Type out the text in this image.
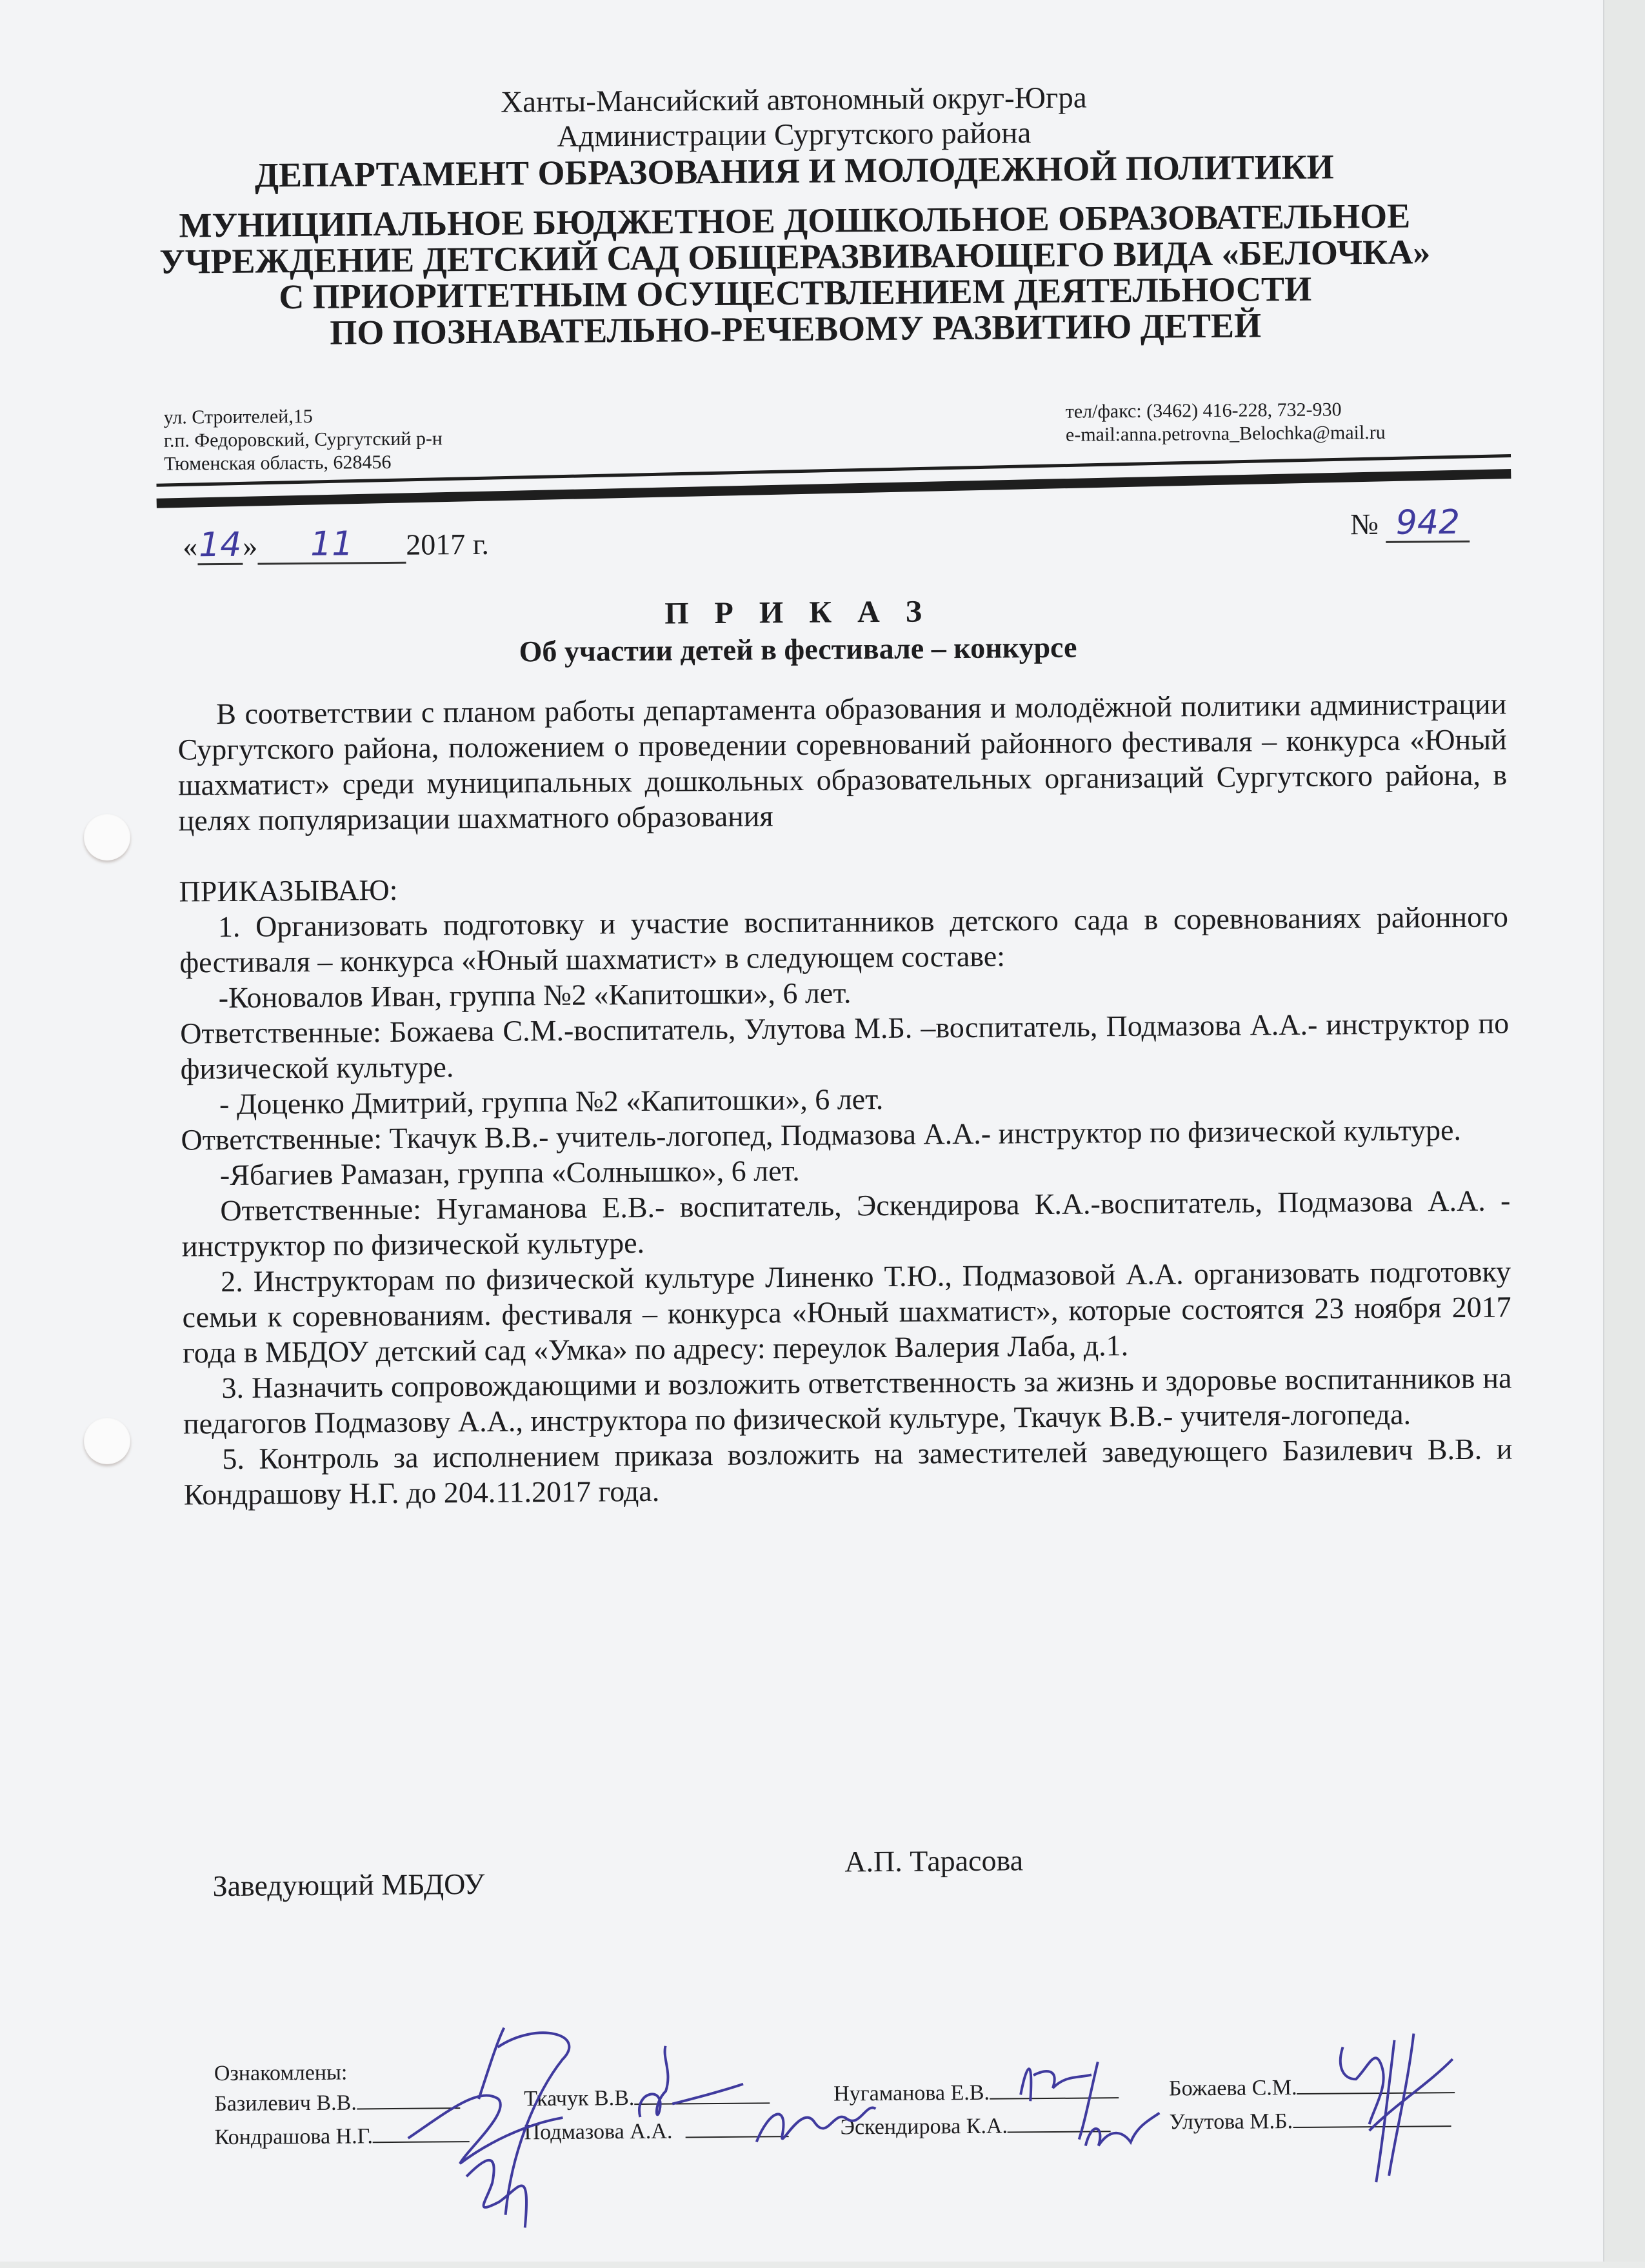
Ханты-Мансийский автономный округ-Югра
Администрации Сургутского района
ДЕПАРТАМЕНТ ОБРАЗОВАНИЯ И МОЛОДЕЖНОЙ ПОЛИТИКИ
МУНИЦИПАЛЬНОЕ БЮДЖЕТНОЕ ДОШКОЛЬНОЕ ОБРАЗОВАТЕЛЬНОЕ
УЧРЕЖДЕНИЕ ДЕТСКИЙ САД ОБЩЕРАЗВИВАЮЩЕГО ВИДА «БЕЛОЧКА»
С ПРИОРИТЕТНЫМ ОСУЩЕСТВЛЕНИЕМ ДЕЯТЕЛЬНОСТИ
ПО ПОЗНАВАТЕЛЬНО-РЕЧЕВОМУ РАЗВИТИЮ ДЕТЕЙ
ул. Строителей,15
г.п. Федоровский, Сургутский р-н
Тюменская область, 628456
тел/факс: (3462) 416-228, 732-930
e-mail:anna.petrovna_Belochka@mail.ru
«14» 11 2017 г.
№ 942
П Р И К А З
Об участии детей в фестивале – конкурсе

В соответствии с планом работы департамента образования и молодёжной политики администрации Сургутского района, положением о проведении соревнований районного фестиваля – конкурса «Юный шахматист» среди муниципальных дошкольных образовательных организаций Сургутского района, в целях популяризации шахматного образования

ПРИКАЗЫВАЮ:

1. Организовать подготовку и участие воспитанников детского сада в соревнованиях районного фестиваля – конкурса «Юный шахматист» в следующем составе:

-Коновалов Иван, группа №2 «Капитошки», 6 лет.

Ответственные: Божаева С.М.-воспитатель, Улутова М.Б. –воспитатель, Подмазова А.А.- инструктор по физической культуре.

- Доценко Дмитрий, группа №2 «Капитошки», 6 лет.

Ответственные: Ткачук В.В.- учитель-логопед, Подмазова А.А.- инструктор по физической культуре.

-Ябагиев Рамазан, группа «Солнышко», 6 лет.

Ответственные: Нугаманова Е.В.- воспитатель, Эскендирова К.А.-воспитатель, Подмазова А.А. - инструктор по физической культуре.

2. Инструкторам по физической культуре Линенко Т.Ю., Подмазовой А.А. организовать подготовку семьи к соревнованиям. фестиваля – конкурса «Юный шахматист», которые состоятся 23 ноября 2017 года в МБДОУ детский сад «Умка» по адресу: переулок Валерия Лаба, д.1.

3. Назначить сопровождающими и возложить ответственность за жизнь и здоровье воспитанников на педагогов Подмазову А.А., инструктора по физической культуре, Ткачук В.В.- учителя-логопеда.

5. Контроль за исполнением приказа возложить на заместителей заведующего Базилевич В.В. и Кондрашову Н.Г. до 204.11.2017 года.

Заведующий МБДОУ
А.П. Тарасова
Ознакомлены:
Базилевич В.В.	Ткачук В.В.	Нугаманова Е.В.	Божаева С.М.
Кондрашова Н.Г.	Подмазова А.А.	Эскендирова К.А.	Улутова М.Б.
